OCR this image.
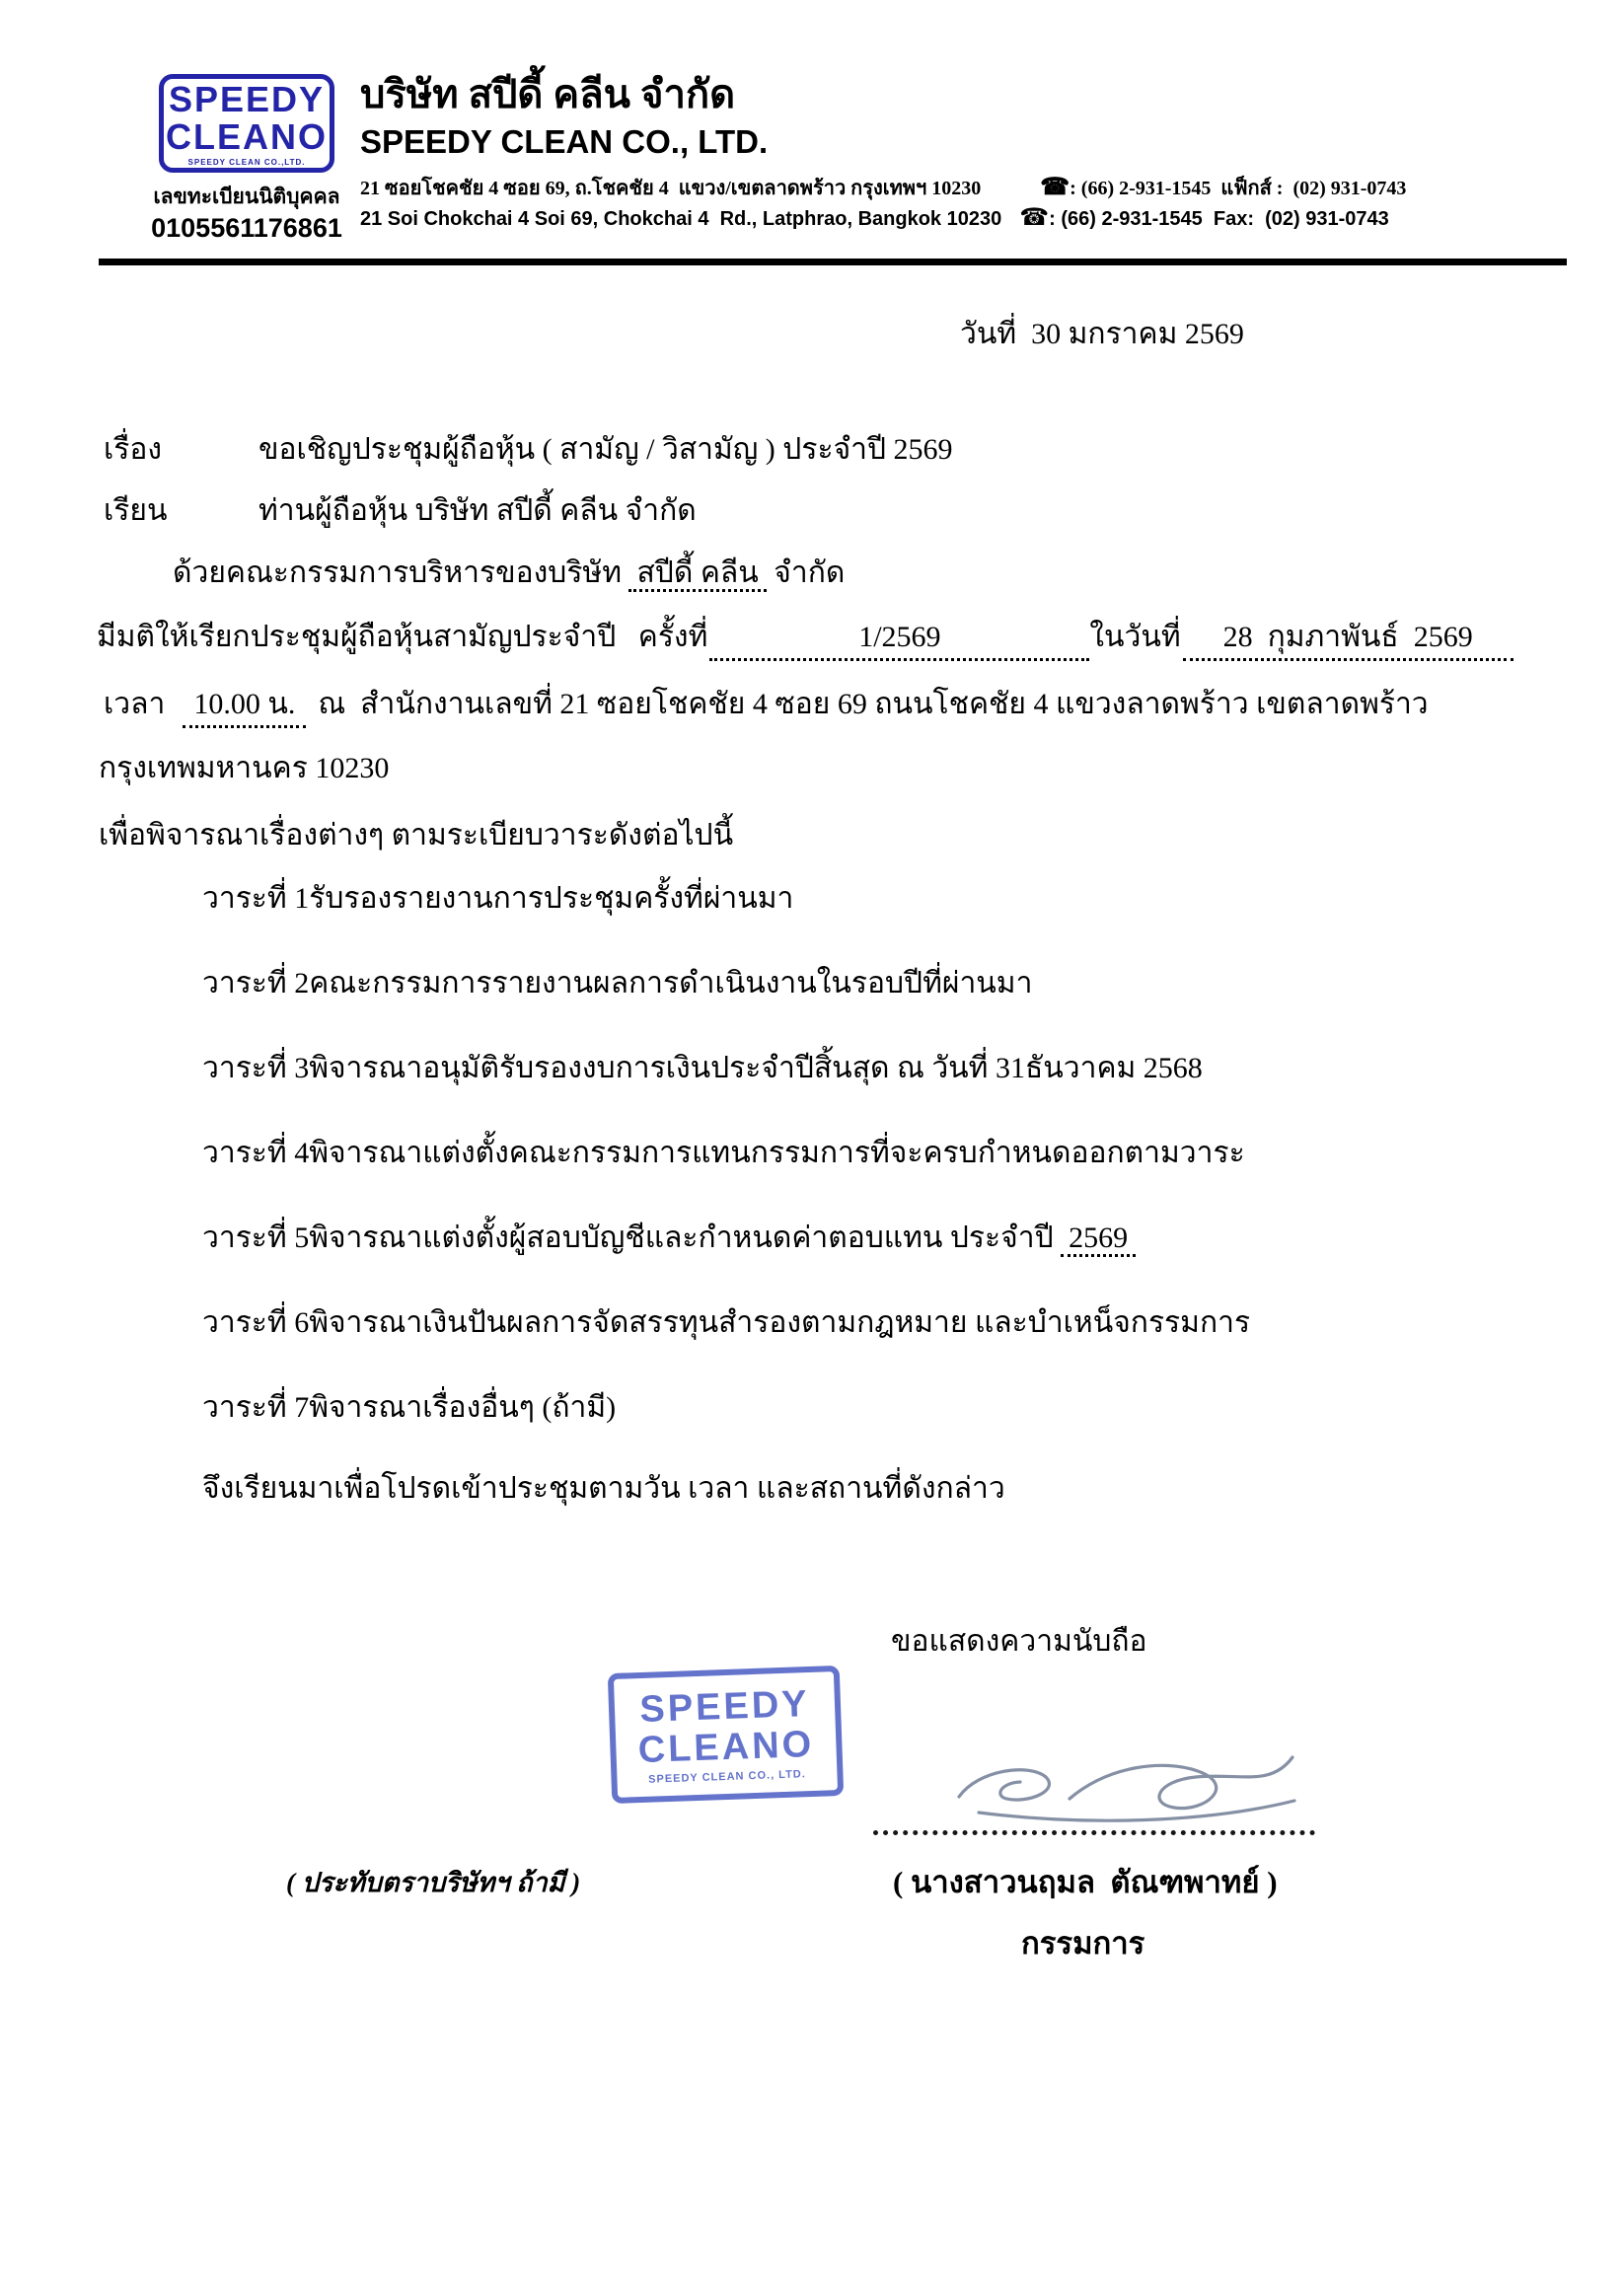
SPEEDY
CLEANO
SPEEDY CLEAN CO.,LTD.
เลขทะเบียนนิติบุคคล
0105561176861
บริษัท สปีดี้ คลีน จำกัด
SPEEDY CLEAN CO., LTD.
21 ซอยโชคชัย 4 ซอย 69, ถ.โชคชัย 4  แขวง/เขตลาดพร้าว กรุงเทพฯ 10230	☎: (66) 2-931-1545  แฟ็กส์ :  (02) 931-0743
21 Soi Chokchai 4 Soi 69, Chokchai 4  Rd., Latphrao, Bangkok 10230 ☎: (66) 2-931-1545  Fax:  (02) 931-0743

วันที่  30 มกราคม 2569

เรื่อง	ขอเชิญประชุมผู้ถือหุ้น ( สามัญ / วิสามัญ ) ประจำปี 2569

เรียน	ท่านผู้ถือหุ้น บริษัท สปีดี้ คลีน จำกัด

ด้วยคณะกรรมการบริหารของบริษัท สปีดี้ คลีน จำกัด

มีมติให้เรียกประชุมผู้ถือหุ้นสามัญประจำปี   ครั้งที่	1/2569	ในวันที่ 28  กุมภาพันธ์  2569

เวลา 10.00 น. ณ  สำนักงานเลขที่ 21 ซอยโชคชัย 4 ซอย 69 ถนนโชคชัย 4 แขวงลาดพร้าว เขตลาดพร้าว

กรุงเทพมหานคร 10230

เพื่อพิจารณาเรื่องต่างๆ ตามระเบียบวาระดังต่อไปนี้

วาระที่ 1รับรองรายงานการประชุมครั้งที่ผ่านมา

วาระที่ 2คณะกรรมการรายงานผลการดำเนินงานในรอบปีที่ผ่านมา

วาระที่ 3พิจารณาอนุมัติรับรองงบการเงินประจำปีสิ้นสุด ณ วันที่ 31ธันวาคม 2568

วาระที่ 4พิจารณาแต่งตั้งคณะกรรมการแทนกรรมการที่จะครบกำหนดออกตามวาระ

วาระที่ 5พิจารณาแต่งตั้งผู้สอบบัญชีและกำหนดค่าตอบแทน ประจำปี 2569

วาระที่ 6พิจารณาเงินปันผลการจัดสรรทุนสำรองตามกฎหมาย และบำเหน็จกรรมการ

วาระที่ 7พิจารณาเรื่องอื่นๆ (ถ้ามี)

จึงเรียนมาเพื่อโปรดเข้าประชุมตามวัน เวลา และสถานที่ดังกล่าว

ขอแสดงความนับถือ
SPEEDY
CLEANO
SPEEDY CLEAN CO., LTD.
( ประทับตราบริษัทฯ ถ้ามี )	( นางสาวนฤมล  ตัณฑพาทย์ )
กรรมการ
